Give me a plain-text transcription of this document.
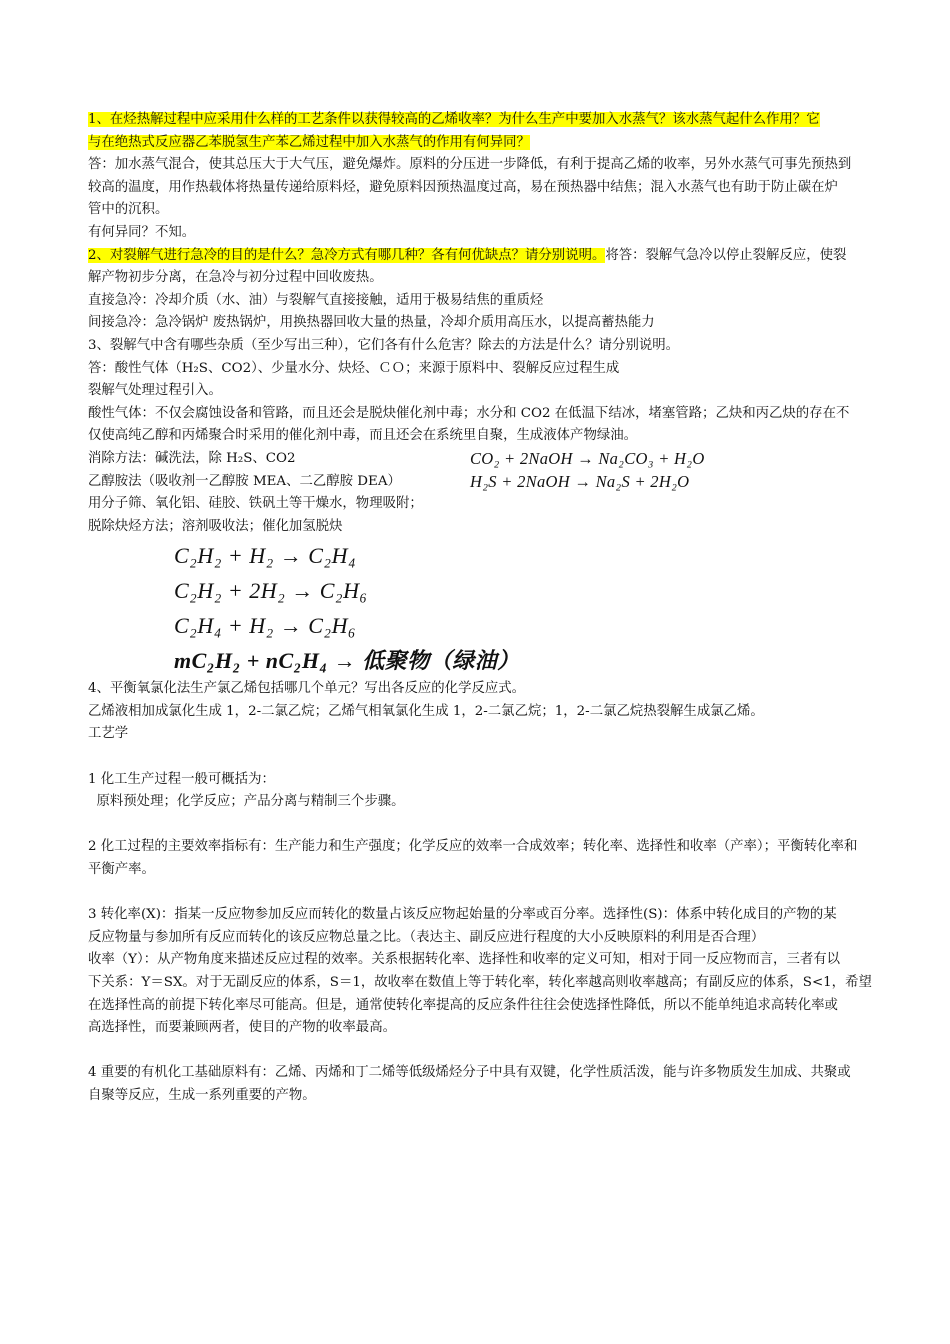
1、在烃热解过程中应采用什么样的工艺条件以获得较高的乙烯收率？为什么生产中要加入水蒸气？该水蒸气起什么作用？它
与在绝热式反应器乙苯脱氢生产苯乙烯过程中加入水蒸气的作用有何异同？
答：加水蒸气混合，使其总压大于大气压，避免爆炸。原料的分压进一步降低，有利于提高乙烯的收率，另外水蒸气可事先预热到
较高的温度，用作热载体将热量传递给原料烃，避免原料因预热温度过高，易在预热器中结焦；混入水蒸气也有助于防止碳在炉
管中的沉积。
有何异同？不知。
2、对裂解气进行急冷的目的是什么？急冷方式有哪几种？各有何优缺点？请分别说明。将答：裂解气急冷以停止裂解反应，使裂
解产物初步分离，在急冷与初分过程中回收废热。
直接急冷：冷却介质（水、油）与裂解气直接接触，适用于极易结焦的重质烃
间接急冷：急冷锅炉 废热锅炉，用换热器回收大量的热量，冷却介质用高压水，以提高蓄热能力
3、裂解气中含有哪些杂质（至少写出三种），它们各有什么危害？除去的方法是什么？请分别说明。
答：酸性气体（H₂S、CO2）、少量水分、炔烃、ＣＯ；来源于原料中、裂解反应过程生成
裂解气处理过程引入。
酸性气体：不仅会腐蚀设备和管路，而且还会是脱炔催化剂中毒；水分和 CO2 在低温下结冰，堵塞管路；乙炔和丙乙炔的存在不
仅使高纯乙醇和丙烯聚合时采用的催化剂中毒，而且还会在系统里自聚，生成液体产物绿油。
消除方法：碱洗法，除 H₂S、CO2	CO₂ + 2NaOH → Na₂CO₃ + H₂O
乙醇胺法（吸收剂一乙醇胺 MEA、二乙醇胺 DEA）	H₂S + 2NaOH → Na₂S + 2H₂O
用分子筛、氧化铝、硅胶、铁矾土等干燥水，物理吸附；
脱除炔烃方法；溶剂吸收法；催化加氢脱炔
C₂H₂ + H₂ → C₂H₄
C₂H₂ + 2H₂ → C₂H₆
C₂H₄ + H₂ → C₂H₆
mC₂H₂ + nC₂H₄ → 低聚物（绿油）
4、平衡氧氯化法生产氯乙烯包括哪几个单元？写出各反应的化学反应式。
乙烯液相加成氯化生成 1，2-二氯乙烷；乙烯气相氧氯化生成 1，2-二氯乙烷；1，2-二氯乙烷热裂解生成氯乙烯。
工艺学
1 化工生产过程一般可概括为：
原料预处理；化学反应；产品分离与精制三个步骤。
2 化工过程的主要效率指标有：生产能力和生产强度；化学反应的效率一合成效率；转化率、选择性和收率（产率）；平衡转化率和
平衡产率。
3 转化率(X)：指某一反应物参加反应而转化的数量占该反应物起始量的分率或百分率。选择性(S)：体系中转化成目的产物的某
反应物量与参加所有反应而转化的该反应物总量之比。（表达主、副反应进行程度的大小反映原料的利用是否合理）
收率（Y）：从产物角度来描述反应过程的效率。关系根据转化率、选择性和收率的定义可知，相对于同一反应物而言，三者有以
下关系：Y＝SX。对于无副反应的体系，S＝1，故收率在数值上等于转化率，转化率越高则收率越高；有副反应的体系，S<1，希望
在选择性高的前提下转化率尽可能高。但是，通常使转化率提高的反应条件往往会使选择性降低，所以不能单纯追求高转化率或
高选择性，而要兼顾两者，使目的产物的收率最高。
4 重要的有机化工基础原料有：乙烯、丙烯和丁二烯等低级烯烃分子中具有双键，化学性质活泼，能与许多物质发生加成、共聚或
自聚等反应，生成一系列重要的产物。
